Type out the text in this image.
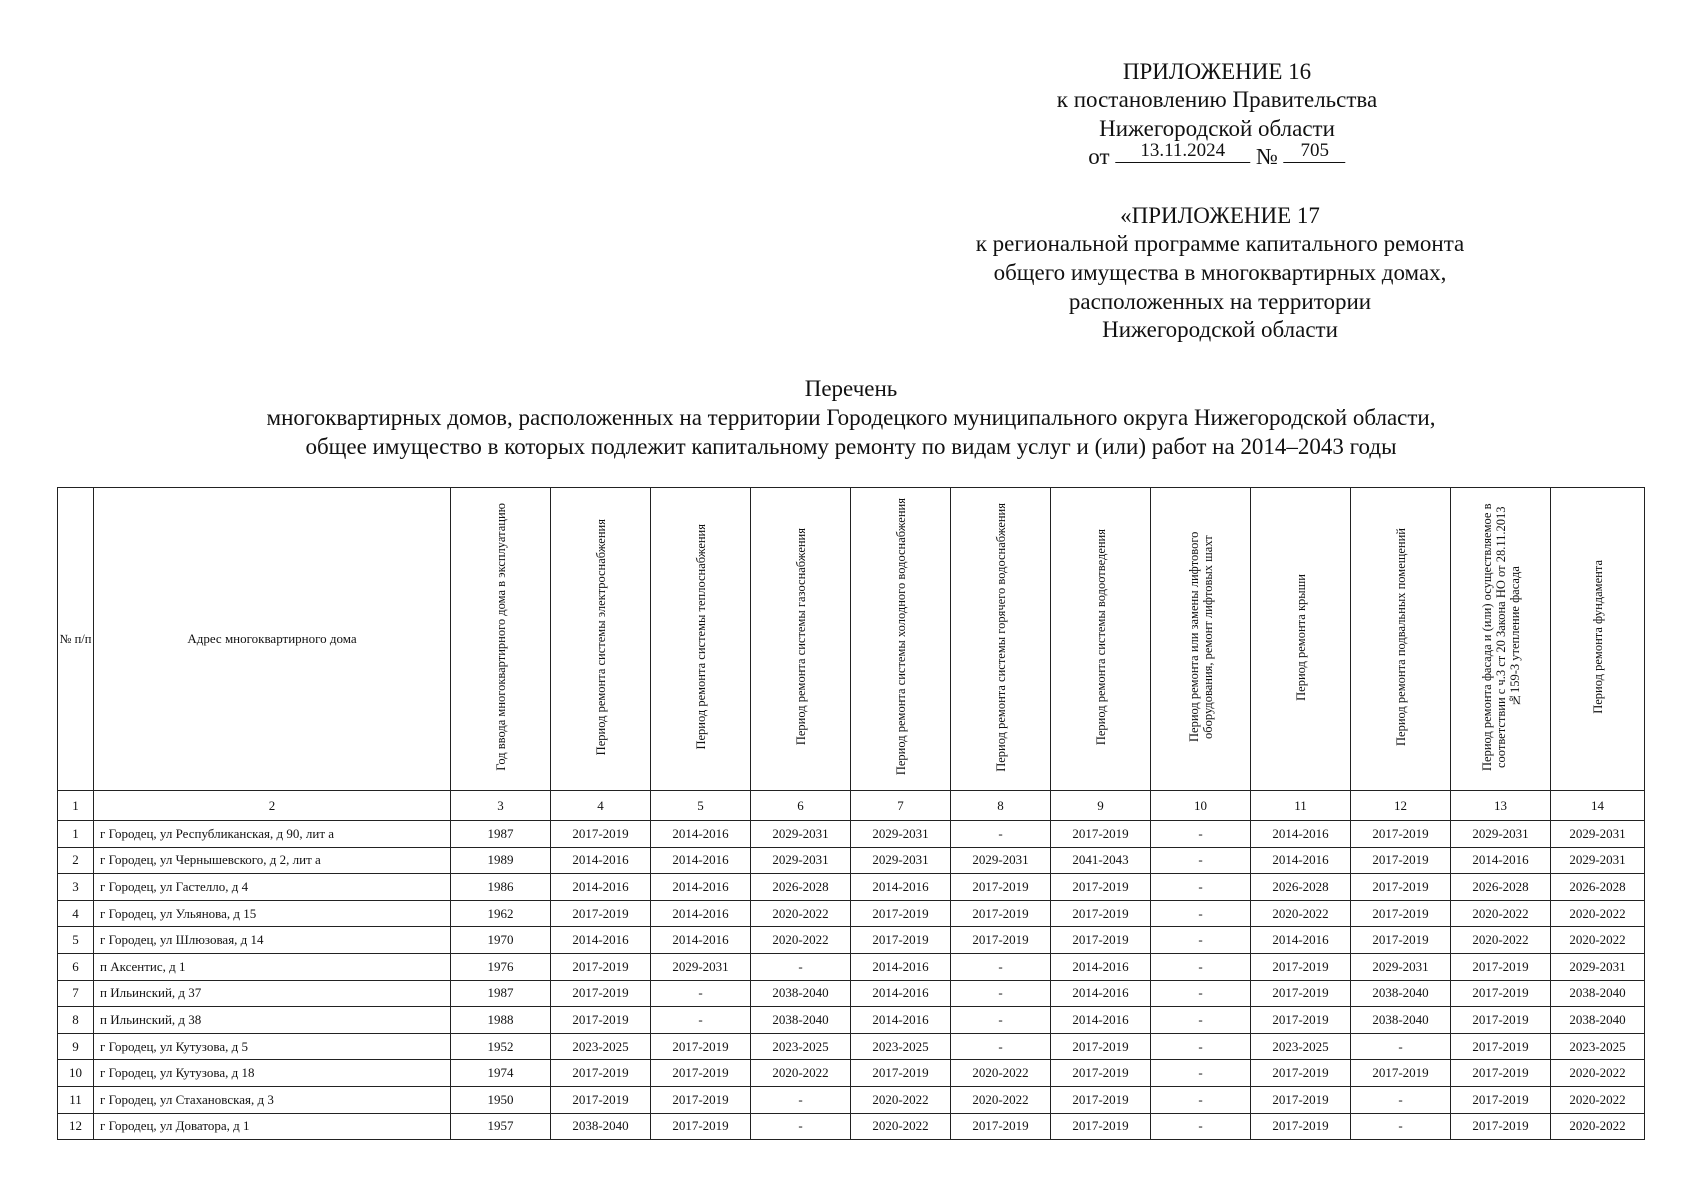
ПРИЛОЖЕНИЕ 16
к постановлению Правительства
Нижегородской области
от 13.11.2024 № 705
«ПРИЛОЖЕНИЕ 17
к региональной программе капитального ремонта
общего имущества в многоквартирных домах,
расположенных на территории
Нижегородской области
Перечень
многоквартирных домов, расположенных на территории Городецкого муниципального округа Нижегородской области,
общее имущество в которых подлежит капитальному ремонту по видам услуг и (или) работ на 2014–2043 годы
№ п/п	Адрес многоквартирного дома	Год ввода многоквартирного дома в эксплуатацию	Период ремонта системы электроснабжения	Период ремонта системы теплоснабжения	Период ремонта системы газоснабжения	Период ремонта системы холодного водоснабжения	Период ремонта системы горячего водоснабжения	Период ремонта системы водоотведения	Период ремонта или замены лифтового оборудования, ремонт лифтовых шахт	Период ремонта крыши	Период ремонта подвальных помещений	Период ремонта фасада и (или) осуществляемое в соответствии с ч.3 ст 20 Закона НО от 28.11.2013 №159-З утепление фасада	Период ремонта фундамента
1	2	3	4	5	6	7	8	9	10	11	12	13	14
1	г Городец, ул Республиканская, д 90, лит а	1987	2017-2019	2014-2016	2029-2031	2029-2031	-	2017-2019	-	2014-2016	2017-2019	2029-2031	2029-2031
2	г Городец, ул Чернышевского, д 2, лит а	1989	2014-2016	2014-2016	2029-2031	2029-2031	2029-2031	2041-2043	-	2014-2016	2017-2019	2014-2016	2029-2031
3	г Городец, ул Гастелло, д 4	1986	2014-2016	2014-2016	2026-2028	2014-2016	2017-2019	2017-2019	-	2026-2028	2017-2019	2026-2028	2026-2028
4	г Городец, ул Ульянова, д 15	1962	2017-2019	2014-2016	2020-2022	2017-2019	2017-2019	2017-2019	-	2020-2022	2017-2019	2020-2022	2020-2022
5	г Городец, ул Шлюзовая, д 14	1970	2014-2016	2014-2016	2020-2022	2017-2019	2017-2019	2017-2019	-	2014-2016	2017-2019	2020-2022	2020-2022
6	п Аксентис, д 1	1976	2017-2019	2029-2031	-	2014-2016	-	2014-2016	-	2017-2019	2029-2031	2017-2019	2029-2031
7	п Ильинский, д 37	1987	2017-2019	-	2038-2040	2014-2016	-	2014-2016	-	2017-2019	2038-2040	2017-2019	2038-2040
8	п Ильинский, д 38	1988	2017-2019	-	2038-2040	2014-2016	-	2014-2016	-	2017-2019	2038-2040	2017-2019	2038-2040
9	г Городец, ул Кутузова, д 5	1952	2023-2025	2017-2019	2023-2025	2023-2025	-	2017-2019	-	2023-2025	-	2017-2019	2023-2025
10	г Городец, ул Кутузова, д 18	1974	2017-2019	2017-2019	2020-2022	2017-2019	2020-2022	2017-2019	-	2017-2019	2017-2019	2017-2019	2020-2022
11	г Городец, ул Стахановская, д 3	1950	2017-2019	2017-2019	-	2020-2022	2020-2022	2017-2019	-	2017-2019	-	2017-2019	2020-2022
12	г Городец, ул Доватора, д 1	1957	2038-2040	2017-2019	-	2020-2022	2017-2019	2017-2019	-	2017-2019	-	2017-2019	2020-2022
